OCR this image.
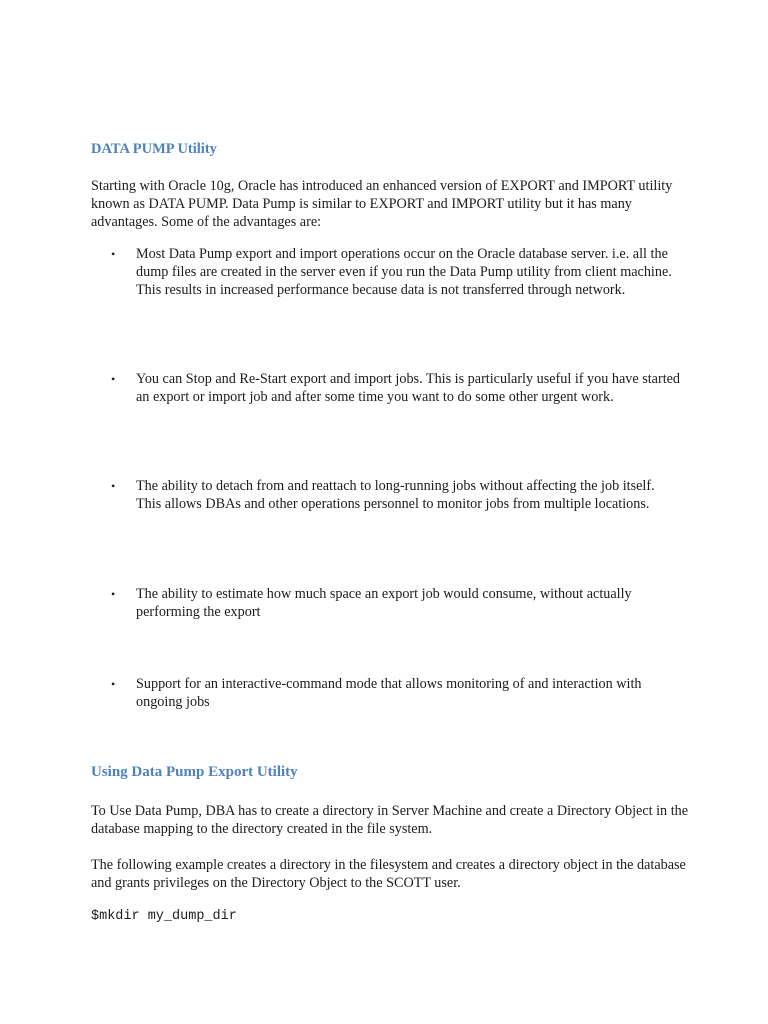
DATA PUMP Utility

Starting with Oracle 10g, Oracle has introduced an enhanced version of EXPORT and IMPORT utility known as DATA PUMP. Data Pump is similar to EXPORT and IMPORT utility but it has many advantages. Some of the advantages are:

• Most Data Pump export and import operations occur on the Oracle database server. i.e. all the dump files are created in the server even if you run the Data Pump utility from client machine. This results in increased performance because data is not transferred through network.
• You can Stop and Re-Start export and import jobs. This is particularly useful if you have started an export or import job and after some time you want to do some other urgent work.
• The ability to detach from and reattach to long-running jobs without affecting the job itself. This allows DBAs and other operations personnel to monitor jobs from multiple locations.
• The ability to estimate how much space an export job would consume, without actually performing the export
• Support for an interactive-command mode that allows monitoring of and interaction with ongoing jobs
Using Data Pump Export Utility

To Use Data Pump, DBA has to create a directory in Server Machine and create a Directory Object in the database mapping to the directory created in the file system.

The following example creates a directory in the filesystem and creates a directory object in the database and grants privileges on the Directory Object to the SCOTT user.

$mkdir my_dump_dir
